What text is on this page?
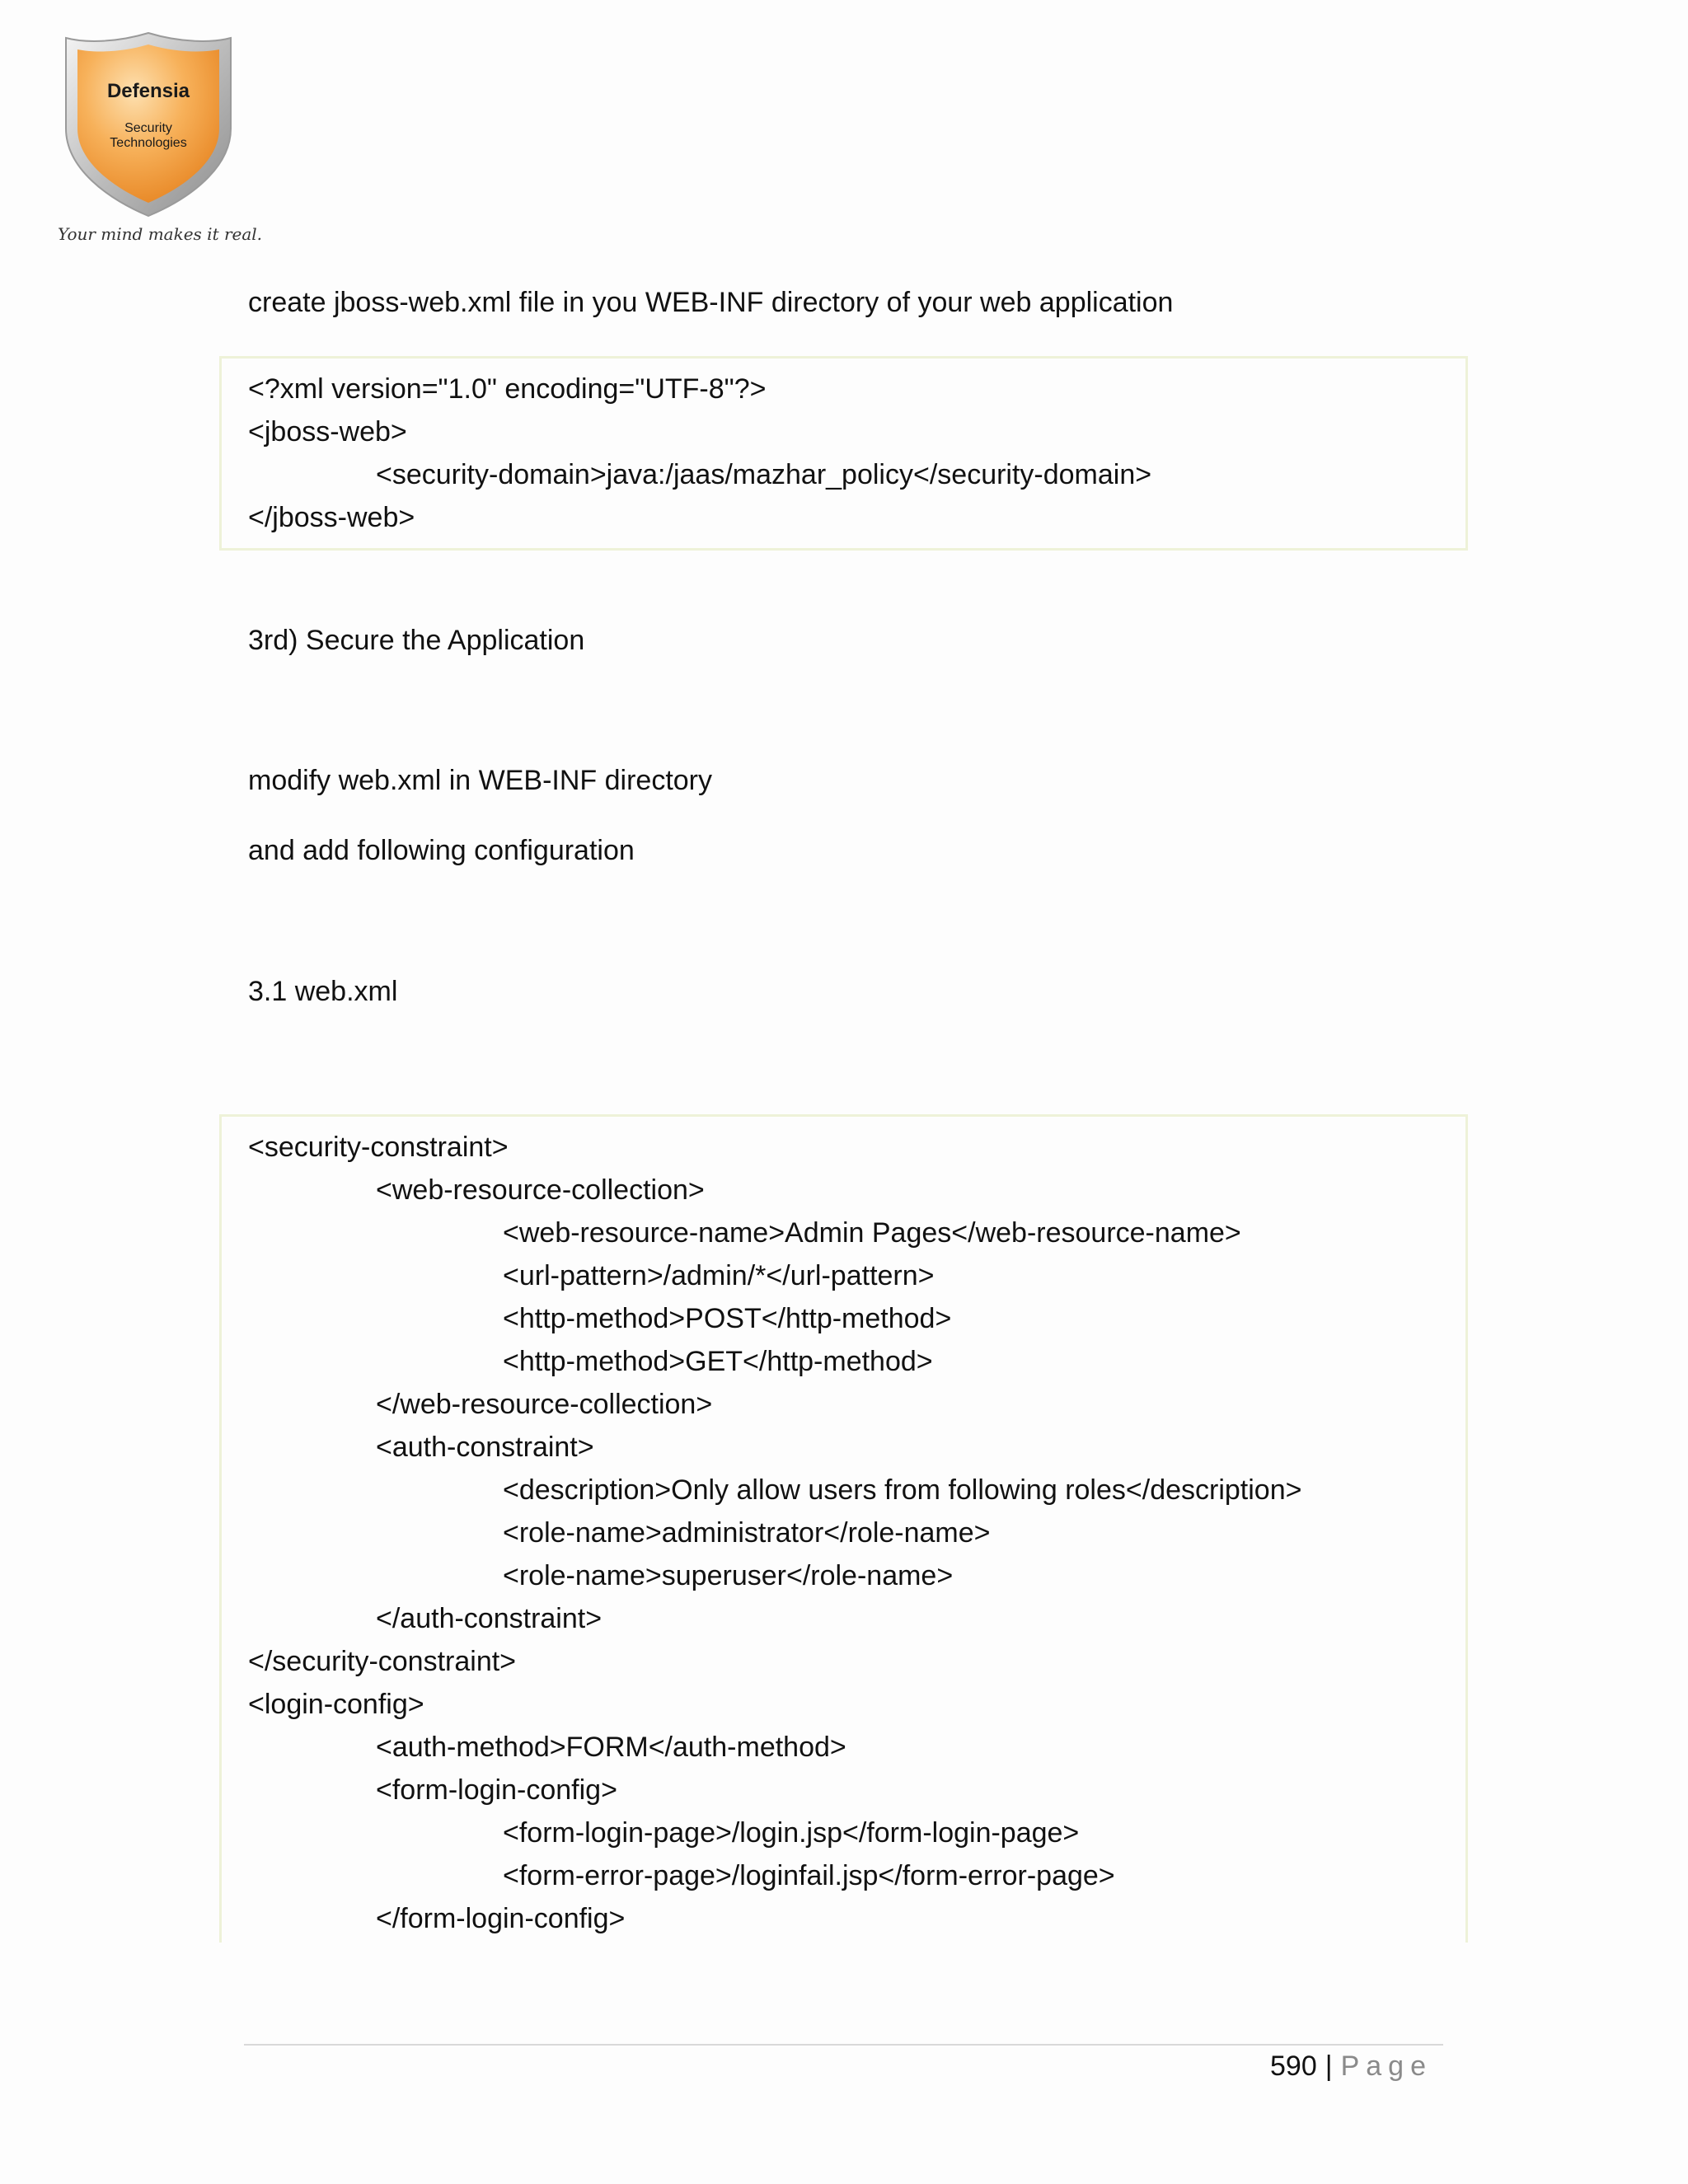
Defensia
Security
Technologies
Your mind makes it real.
create jboss-web.xml file in you WEB-INF directory of your web application
<?xml version="1.0" encoding="UTF-8"?>
<jboss-web>
<security-domain>java:/jaas/mazhar_policy</security-domain>
</jboss-web>
3rd) Secure the Application
modify web.xml in WEB-INF directory
and add following configuration
3.1 web.xml
<security-constraint>
<web-resource-collection>
<web-resource-name>Admin Pages</web-resource-name>
<url-pattern>/admin/*</url-pattern>
<http-method>POST</http-method>
<http-method>GET</http-method>
</web-resource-collection>
<auth-constraint>
<description>Only allow users from following roles</description>
<role-name>administrator</role-name>
<role-name>superuser</role-name>
</auth-constraint>
</security-constraint>
<login-config>
<auth-method>FORM</auth-method>
<form-login-config>
<form-login-page>/login.jsp</form-login-page>
<form-error-page>/loginfail.jsp</form-error-page>
</form-login-config>
590 | Page
